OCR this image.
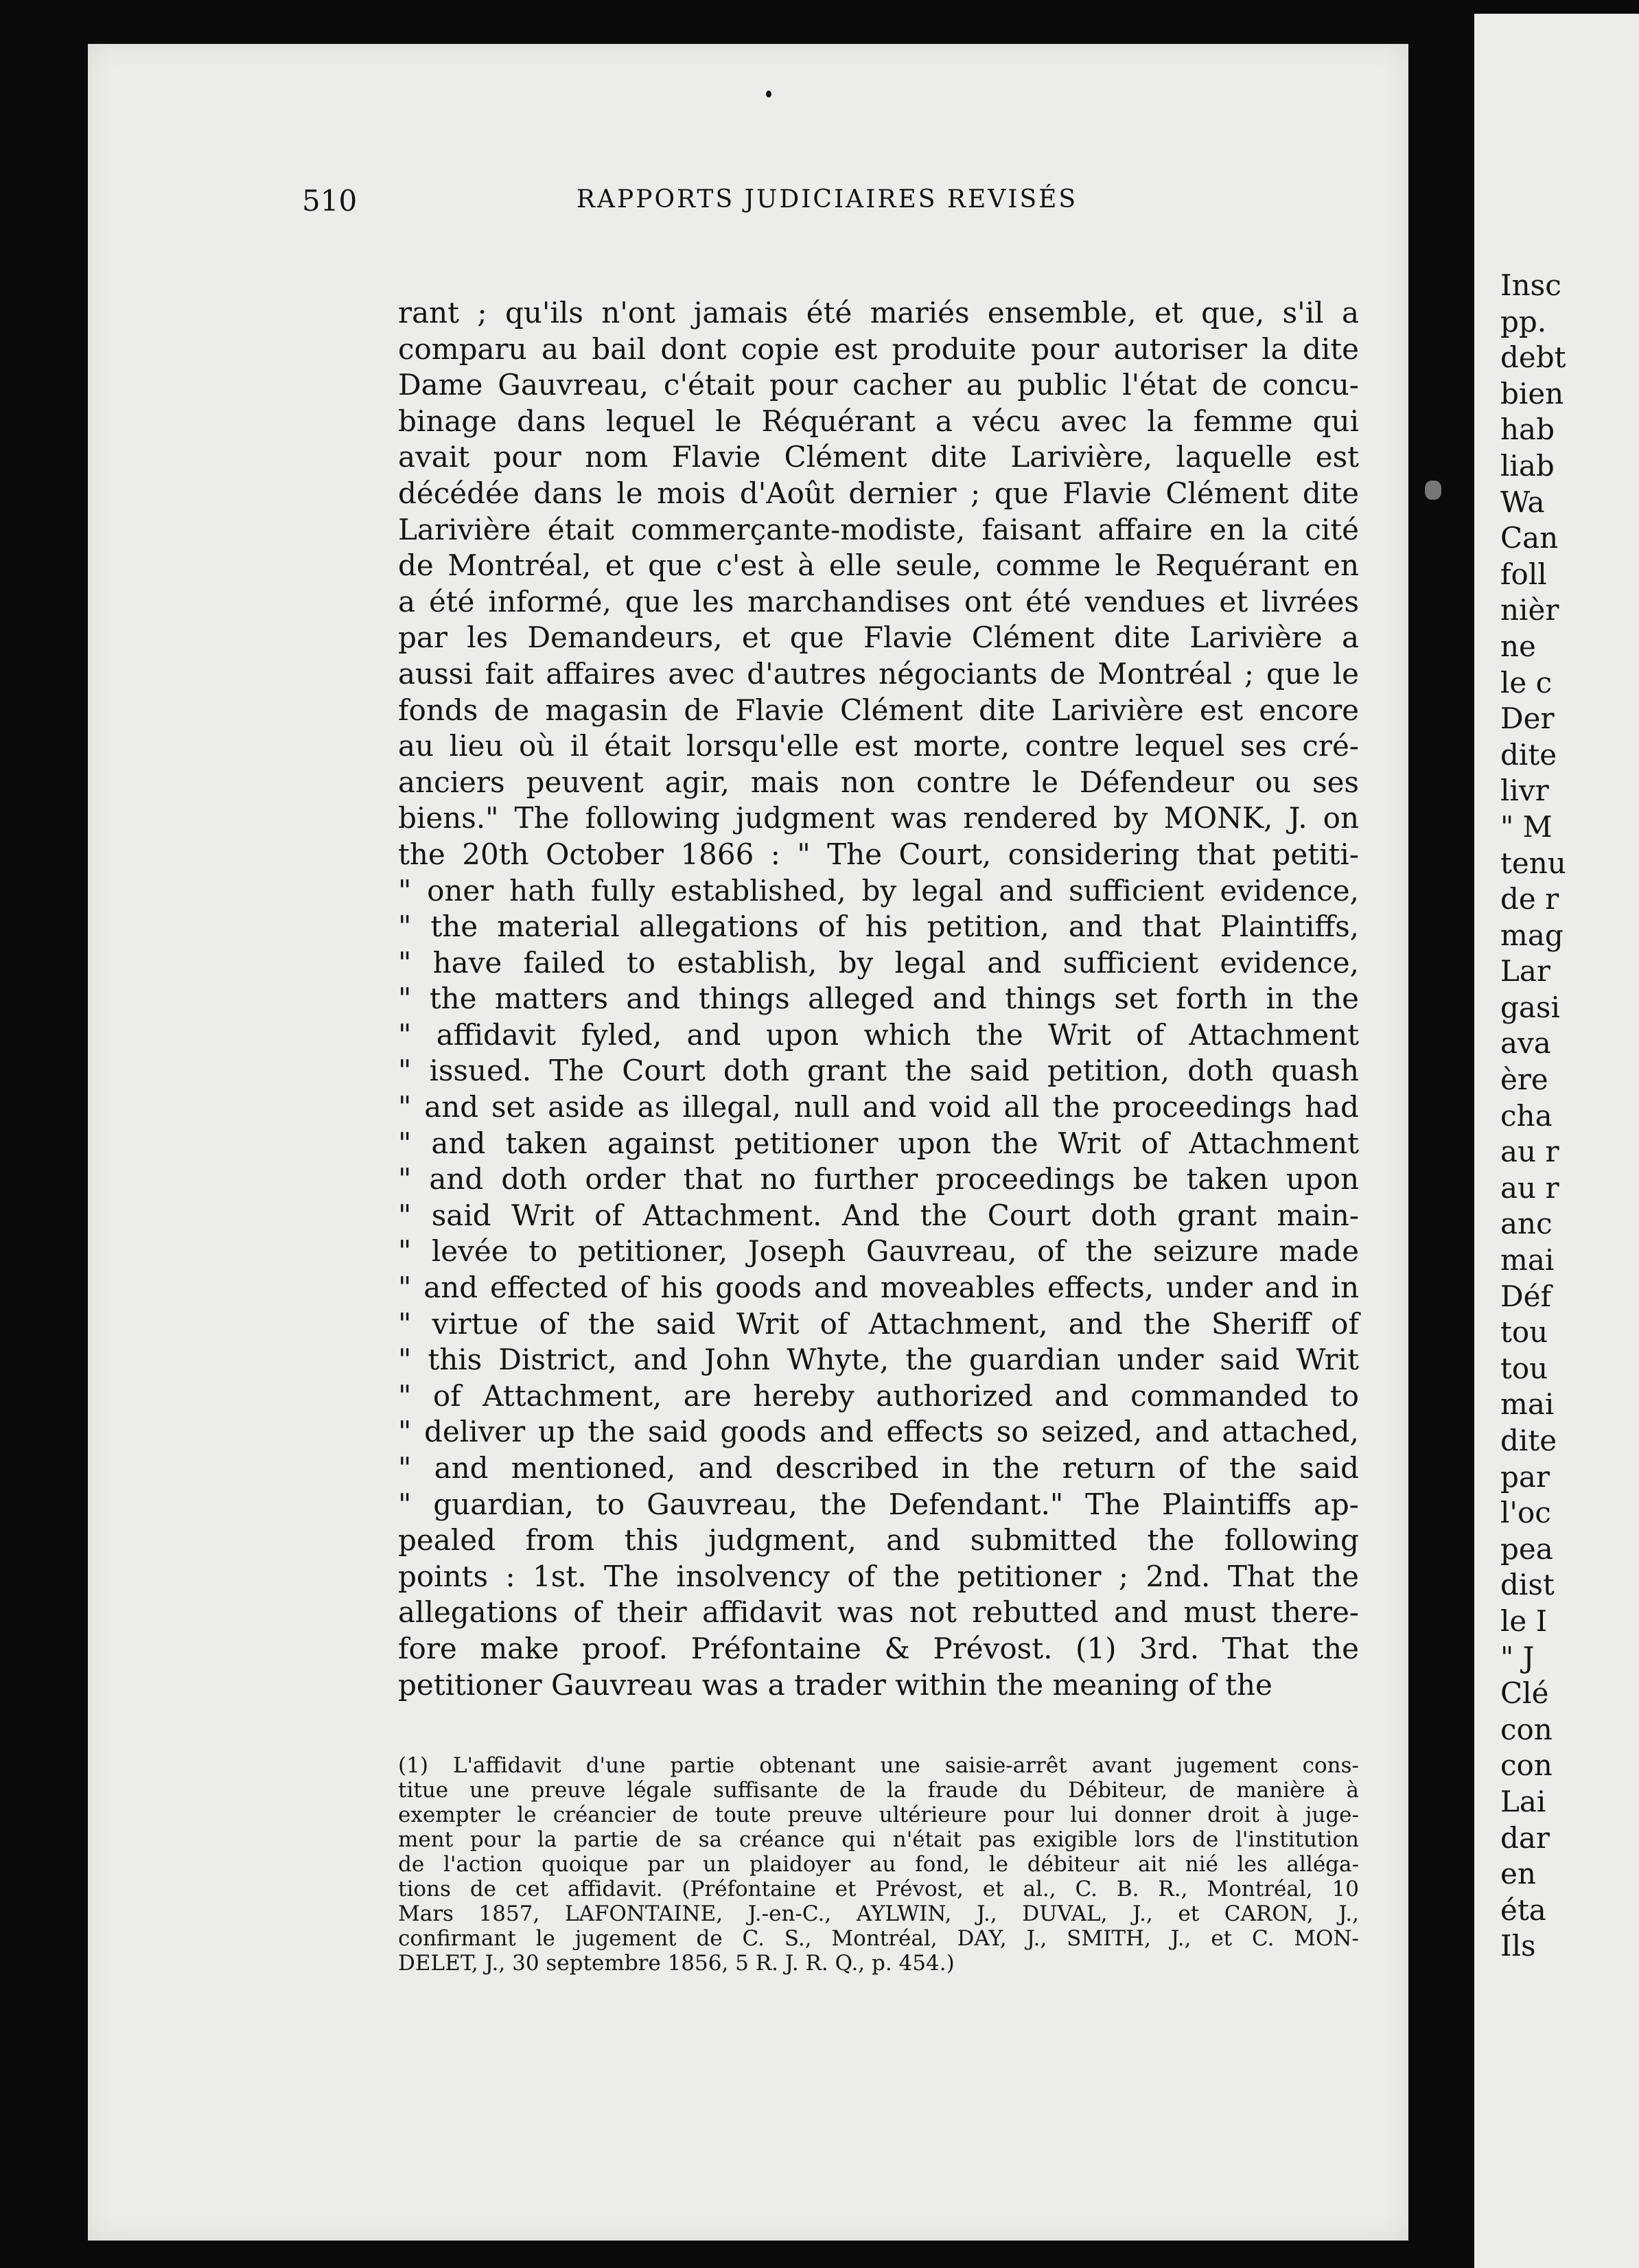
510	RAPPORTS JUDICIAIRES REVISÉS
rant ; qu'ils n'ont jamais été mariés ensemble, et que, s'il a
comparu au bail dont copie est produite pour autoriser la dite
Dame Gauvreau, c'était pour cacher au public l'état de concu-
binage dans lequel le Réquérant a vécu avec la femme qui
avait pour nom Flavie Clément dite Larivière, laquelle est
décédée dans le mois d'Août dernier ; que Flavie Clément dite
Larivière était commerçante-modiste, faisant affaire en la cité
de Montréal, et que c'est à elle seule, comme le Requérant en
a été informé, que les marchandises ont été vendues et livrées
par les Demandeurs, et que Flavie Clément dite Larivière a
aussi fait affaires avec d'autres négociants de Montréal ; que le
fonds de magasin de Flavie Clément dite Larivière est encore
au lieu où il était lorsqu'elle est morte, contre lequel ses cré-
anciers peuvent agir, mais non contre le Défendeur ou ses
biens." The following judgment was rendered by MONK, J. on
the 20th October 1866 : " The Court, considering that petiti-
" oner hath fully established, by legal and sufficient evidence,
" the material allegations of his petition, and that Plaintiffs,
" have failed to establish, by legal and sufficient evidence,
" the matters and things alleged and things set forth in the
" affidavit fyled, and upon which the Writ of Attachment
" issued. The Court doth grant the said petition, doth quash
" and set aside as illegal, null and void all the proceedings had
" and taken against petitioner upon the Writ of Attachment
" and doth order that no further proceedings be taken upon
" said Writ of Attachment. And the Court doth grant main-
" levée to petitioner, Joseph Gauvreau, of the seizure made
" and effected of his goods and moveables effects, under and in
" virtue of the said Writ of Attachment, and the Sheriff of
" this District, and John Whyte, the guardian under said Writ
" of Attachment, are hereby authorized and commanded to
" deliver up the said goods and effects so seized, and attached,
" and mentioned, and described in the return of the said
" guardian, to Gauvreau, the Defendant." The Plaintiffs ap-
pealed from this judgment, and submitted the following
points : 1st. The insolvency of the petitioner ; 2nd. That the
allegations of their affidavit was not rebutted and must there-
fore make proof. Préfontaine & Prévost. (1) 3rd. That the
petitioner Gauvreau was a trader within the meaning of the
(1) L'affidavit d'une partie obtenant une saisie-arrêt avant jugement cons-
titue une preuve légale suffisante de la fraude du Débiteur, de manière à
exempter le créancier de toute preuve ultérieure pour lui donner droit à juge-
ment pour la partie de sa créance qui n'était pas exigible lors de l'institution
de l'action quoique par un plaidoyer au fond, le débiteur ait nié les alléga-
tions de cet affidavit. (Préfontaine et Prévost, et al., C. B. R., Montréal, 10
Mars 1857, LAFONTAINE, J.-en-C., AYLWIN, J., DUVAL, J., et CARON, J.,
confirmant le jugement de C. S., Montréal, DAY, J., SMITH, J., et C. MON-
DELET, J., 30 septembre 1856, 5 R. J. R. Q., p. 454.)
Insc
pp.
debt
bien
hab
liab
Wa
Can
foll
nièr
ne
le c
Der
dite
livr
" M
tenu
de r
mag
Lar
gasi
ava
ère
cha
au r
au r
anc
mai
Déf
tou
tou
mai
dite
par
l'oc
pea
dist
le I
" J
Clé
con
con
Lai
dar
en
éta
Ils
